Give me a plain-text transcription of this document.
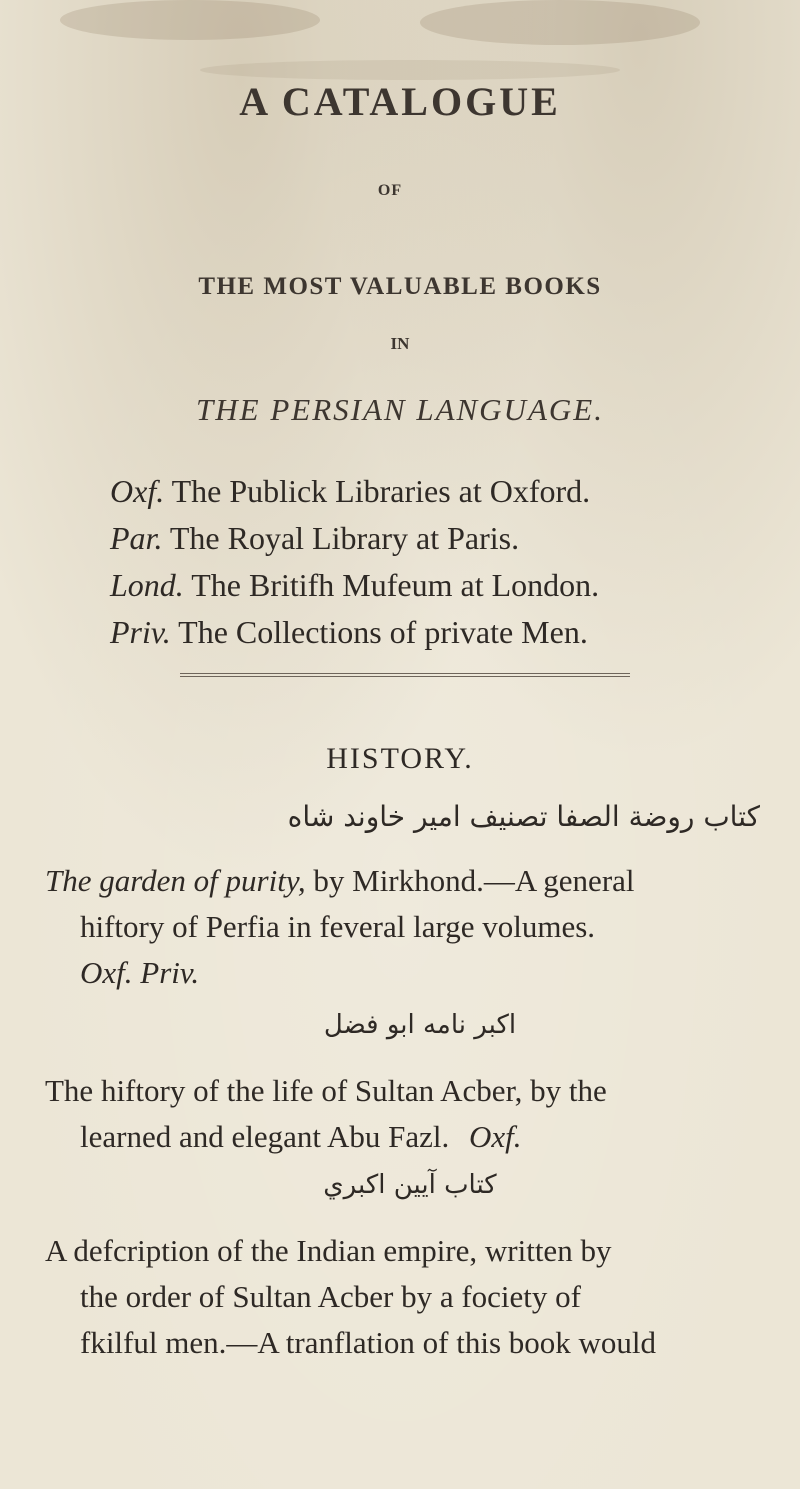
A CATALOGUE
OF
THE MOST VALUABLE BOOKS
IN
THE PERSIAN LANGUAGE.
Oxf. The Publick Libraries at Oxford.
Par. The Royal Library at Paris.
Lond. The Britifh Mufeum at London.
Priv. The Collections of private Men.
HISTORY.
كتاب روضة الصفا تصنيف امير خاوند شاه
The garden of purity, by Mirkhond.—A general
hiftory of Perfia in feveral large volumes.
Oxf. Priv.
اكبر نامه ابو فضل
The hiftory of the life of Sultan Acber, by the
learned and elegant Abu Fazl. Oxf.
كتاب آيين اكبري
A defcription of the Indian empire, written by
the order of Sultan Acber by a fociety of
fkilful men.—A tranflation of this book would
